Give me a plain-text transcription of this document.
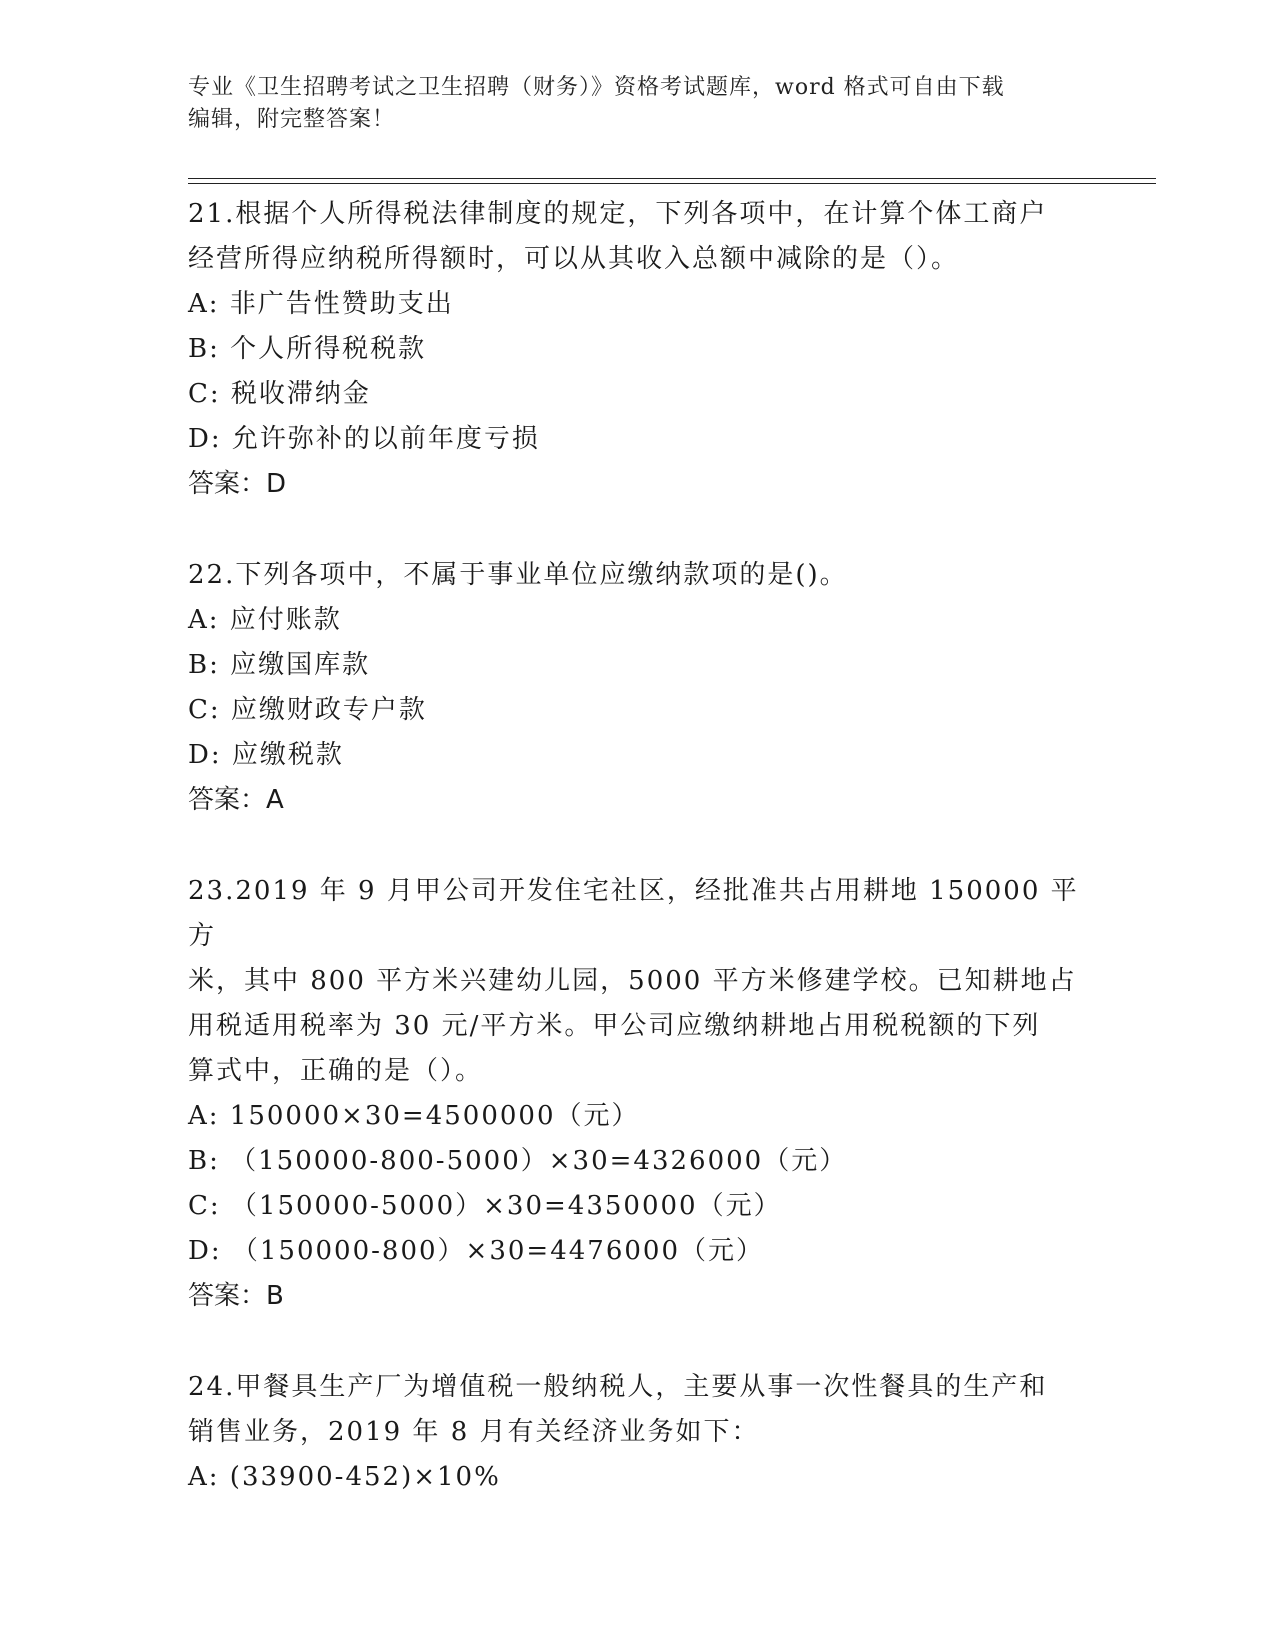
专业《卫生招聘考试之卫生招聘（财务）》资格考试题库，word 格式可自由下载
编辑，附完整答案！

21.根据个人所得税法律制度的规定，下列各项中，在计算个体工商户

经营所得应纳税所得额时，可以从其收入总额中减除的是（）。

A: 非广告性赞助支出

B: 个人所得税税款

C: 税收滞纳金

D: 允许弥补的以前年度亏损

答案：D

22.下列各项中，不属于事业单位应缴纳款项的是()。

A: 应付账款

B: 应缴国库款

C: 应缴财政专户款

D: 应缴税款

答案：A

23.2019 年 9 月甲公司开发住宅社区，经批准共占用耕地 150000 平方

米，其中 800 平方米兴建幼儿园，5000 平方米修建学校。已知耕地占

用税适用税率为 30 元/平方米。甲公司应缴纳耕地占用税税额的下列

算式中，正确的是（）。

A: 150000×30=4500000（元）

B: （150000-800-5000）×30=4326000（元）

C: （150000-5000）×30=4350000（元）

D: （150000-800）×30=4476000（元）

答案：B

24.甲餐具生产厂为增值税一般纳税人，主要从事一次性餐具的生产和

销售业务，2019 年 8 月有关经济业务如下：

A: (33900-452)×10%
